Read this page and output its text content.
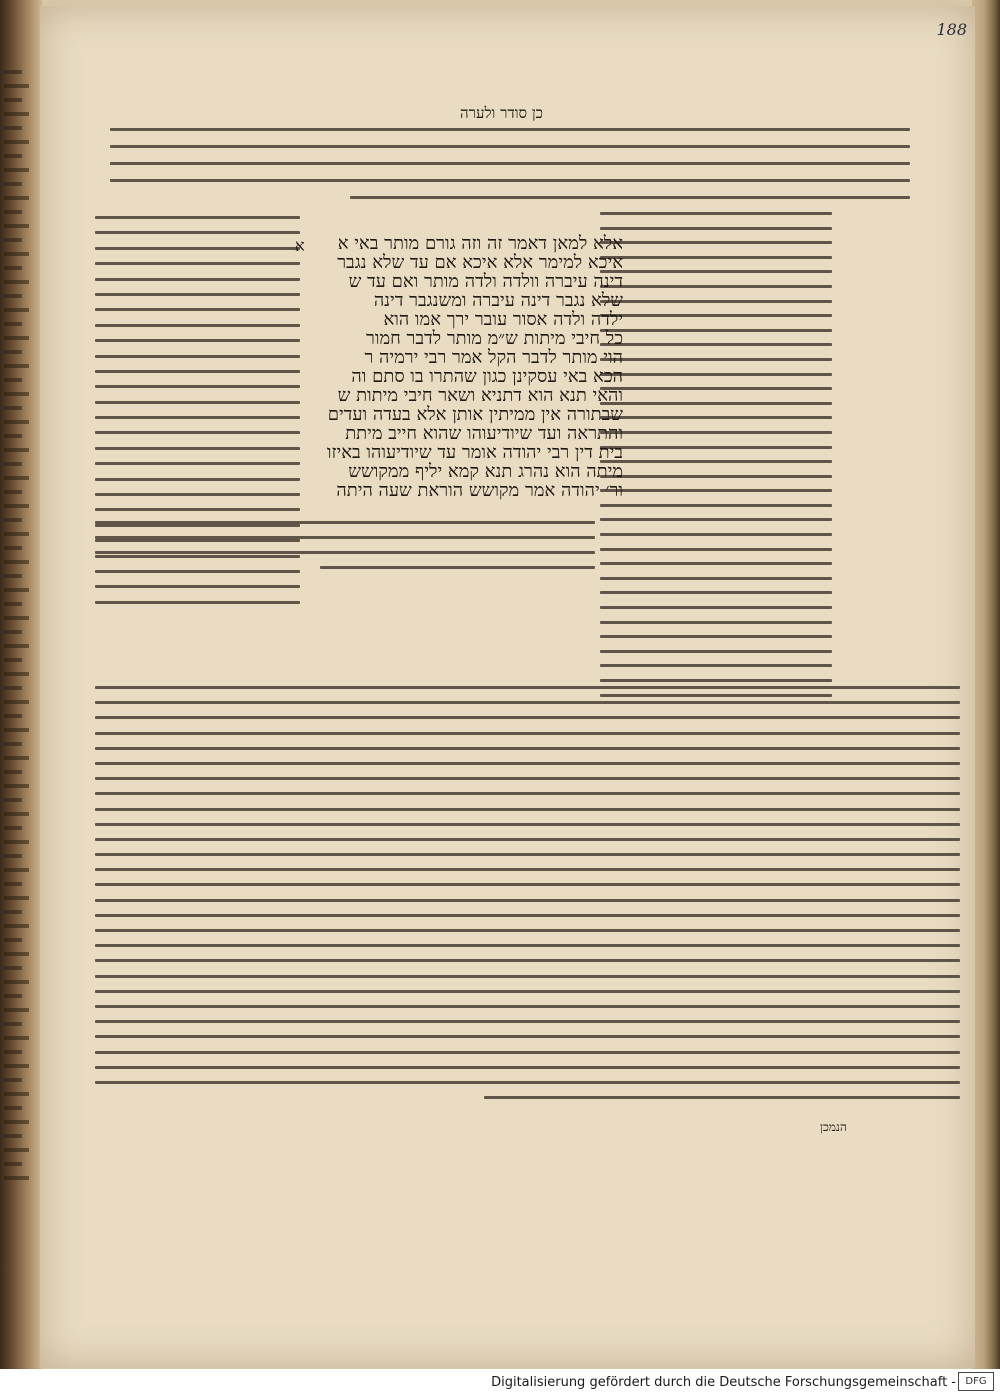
188
כן סודר ולערה
א	אלא למאן דאמר זה וזה גורם מותר באי א
איכא למימר אלא איכא אם עד שלא נגבר
דינה עיברה וולדה ולדה מותר ואם עד ש
שלא נגבר דינה עיברה ומשנגבר דינה
ילדה ולדה אסור עובר ירך אמו הוא
כל חיבי מיתות ש״מ מותר לדבר חמור
הוי מותר לדבר הקל אמר רבי ירמיה ר
הכא באי עסקינן כגון שהתרו בו סתם וה
והאי תנא הוא דתניא ושאר חיבי מיתות ש
שבתורה אין ממיתין אותן אלא בעדה ועדים
והתראה ועד שיודיעוהו שהוא חייב מיתת
בית דין רבי יהודה אומר עד שיודיעוהו באיזו
מיתה הוא נהרג תנא קמא יליף ממקושש
ור׳ יהודה אמר מקושש הוראת שעה היתה
הנמכן
Digitalisierung gefördert durch die Deutsche Forschungsgemeinschaft - DFG
